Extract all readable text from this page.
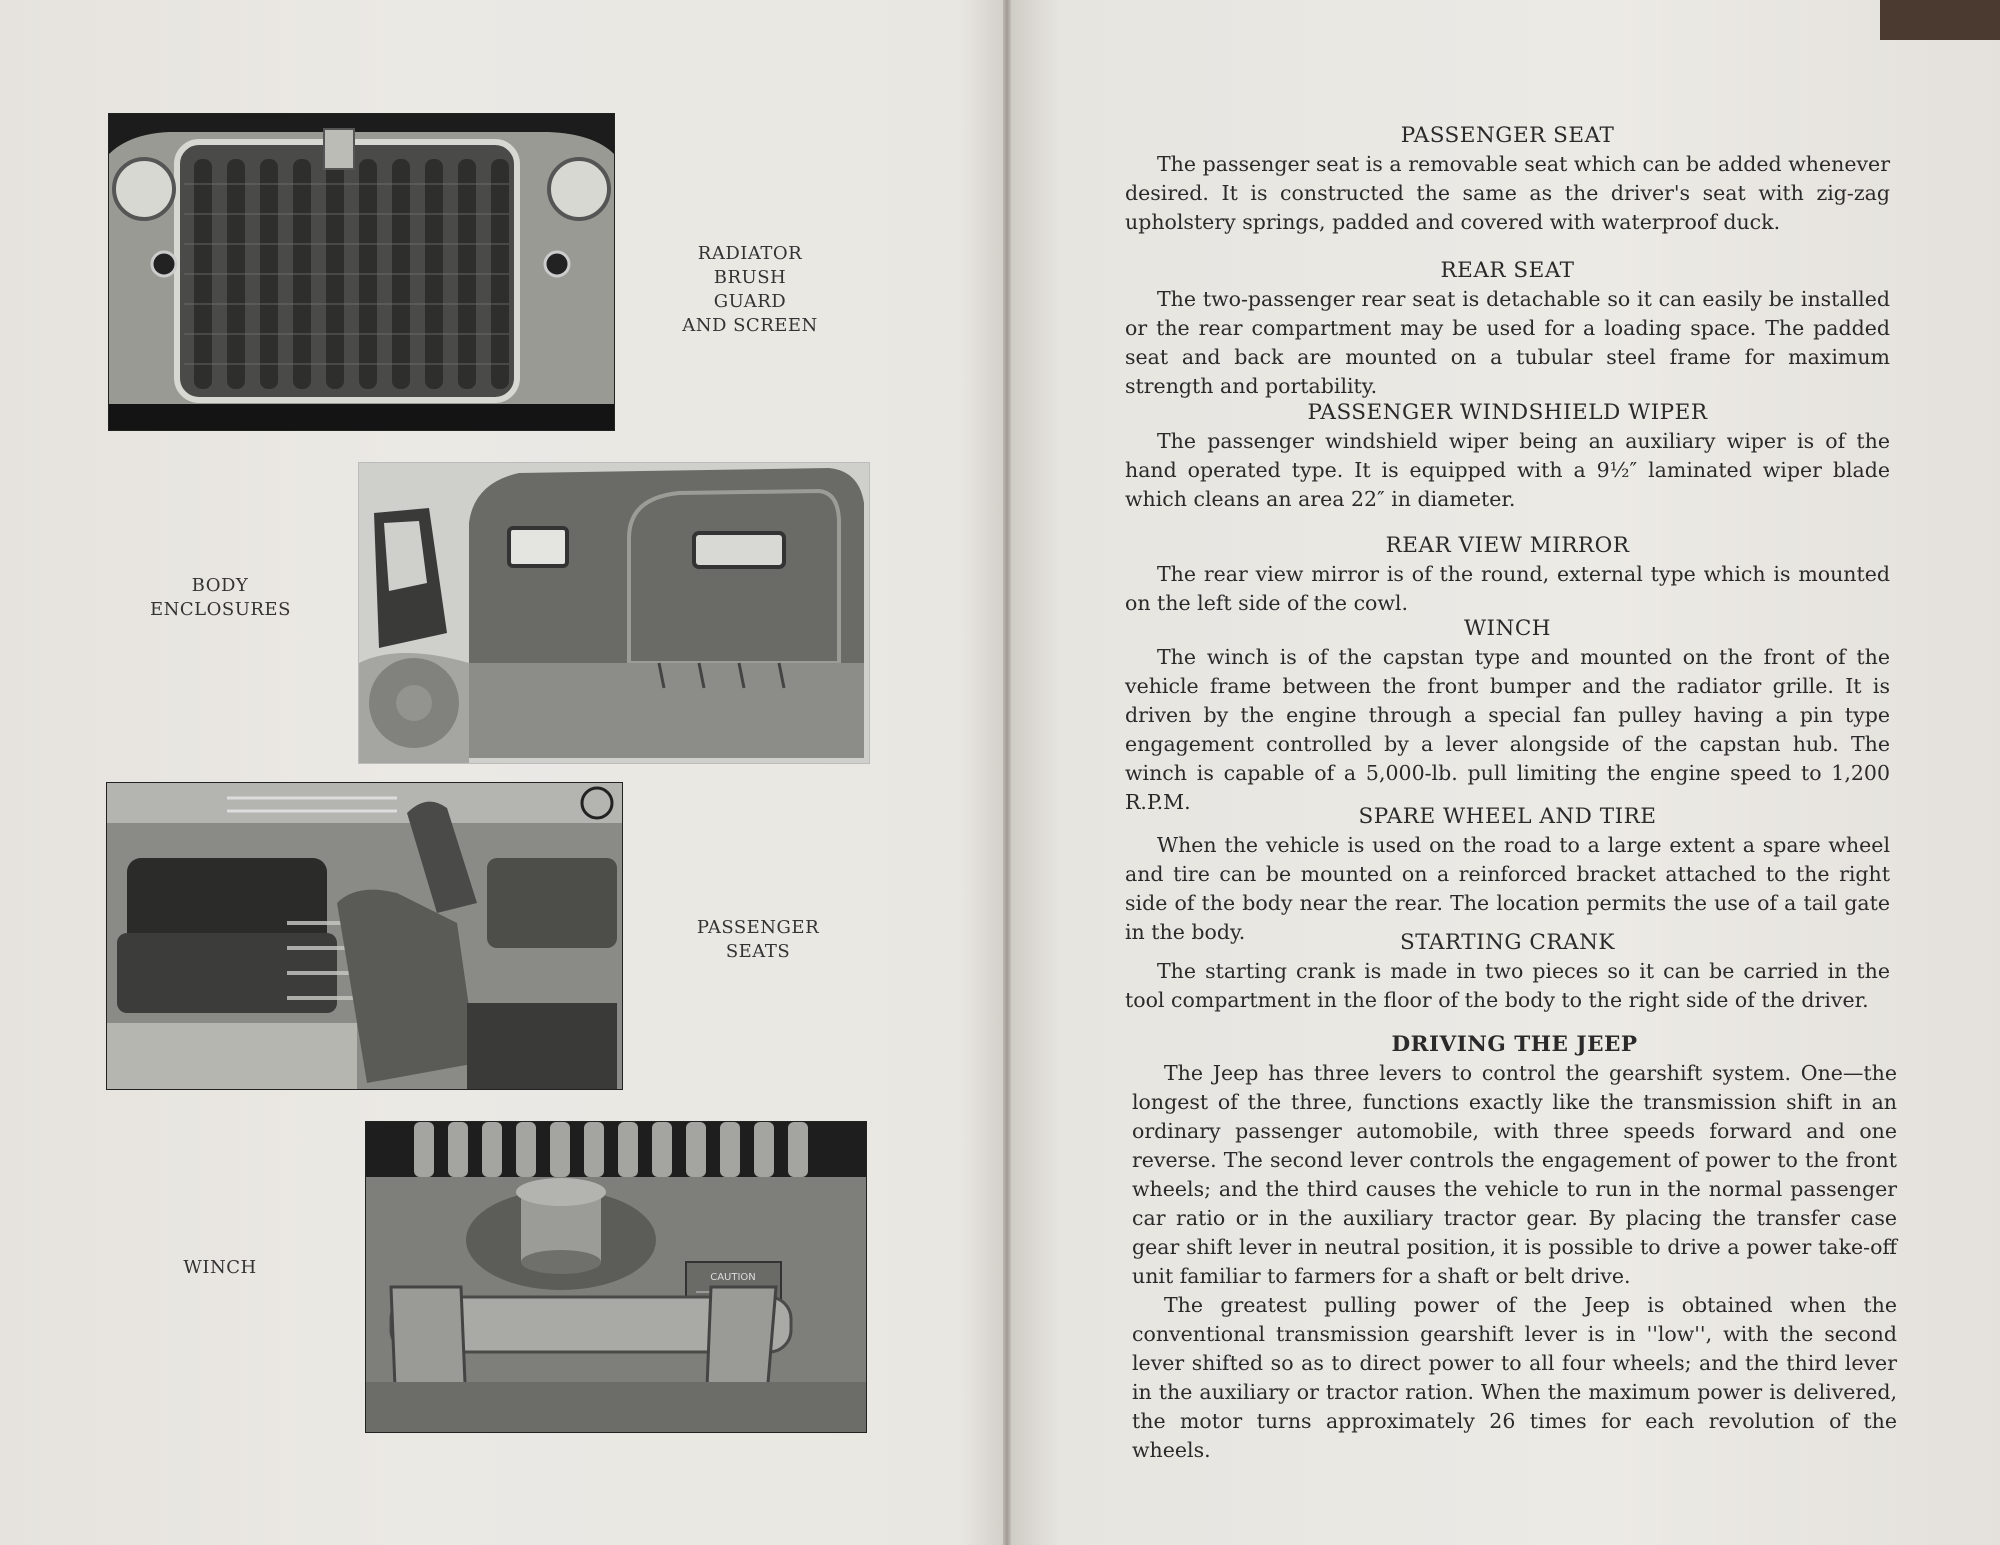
RADIATOR
BRUSH GUARD
AND SCREEN
BODY
ENCLOSURES
PASSENGER
SEATS
CAUTION
WINCH

PASSENGER SEAT

The passenger seat is a removable seat which can be added whenever desired. It is constructed the same as the driver's seat with zig-zag upholstery springs, padded and covered with waterproof duck.

REAR SEAT

The two-passenger rear seat is detachable so it can easily be installed or the rear compartment may be used for a loading space. The padded seat and back are mounted on a tubular steel frame for maximum strength and portability.

PASSENGER WINDSHIELD WIPER

The passenger windshield wiper being an auxiliary wiper is of the hand operated type. It is equipped with a 9½″ laminated wiper blade which cleans an area 22″ in diameter.

REAR VIEW MIRROR

The rear view mirror is of the round, external type which is mounted on the left side of the cowl.

WINCH

The winch is of the capstan type and mounted on the front of the vehicle frame between the front bumper and the radiator grille. It is driven by the engine through a special fan pulley having a pin type engagement controlled by a lever alongside of the capstan hub. The winch is capable of a 5,000-lb. pull limiting the engine speed to 1,200 R.P.M.

SPARE WHEEL AND TIRE

When the vehicle is used on the road to a large extent a spare wheel and tire can be mounted on a reinforced bracket attached to the right side of the body near the rear. The location permits the use of a tail gate in the body.	STARTING CRANK

The starting crank is made in two pieces so it can be carried in the tool compartment in the floor of the body to the right side of the driver.

DRIVING THE JEEP

The Jeep has three levers to control the gearshift system. One—the longest of the three, functions exactly like the transmission shift in an ordinary passenger automobile, with three speeds forward and one reverse. The second lever controls the engagement of power to the front wheels; and the third causes the vehicle to run in the normal passenger car ratio or in the auxiliary tractor gear. By placing the transfer case gear shift lever in neutral position, it is possible to drive a power take-off unit familiar to farmers for a shaft or belt drive.

The greatest pulling power of the Jeep is obtained when the conventional transmission gearshift lever is in ''low'', with the second lever shifted so as to direct power to all four wheels; and the third lever in the auxiliary or tractor ration. When the maximum power is delivered, the motor turns approximately 26 times for each revolution of the wheels.
